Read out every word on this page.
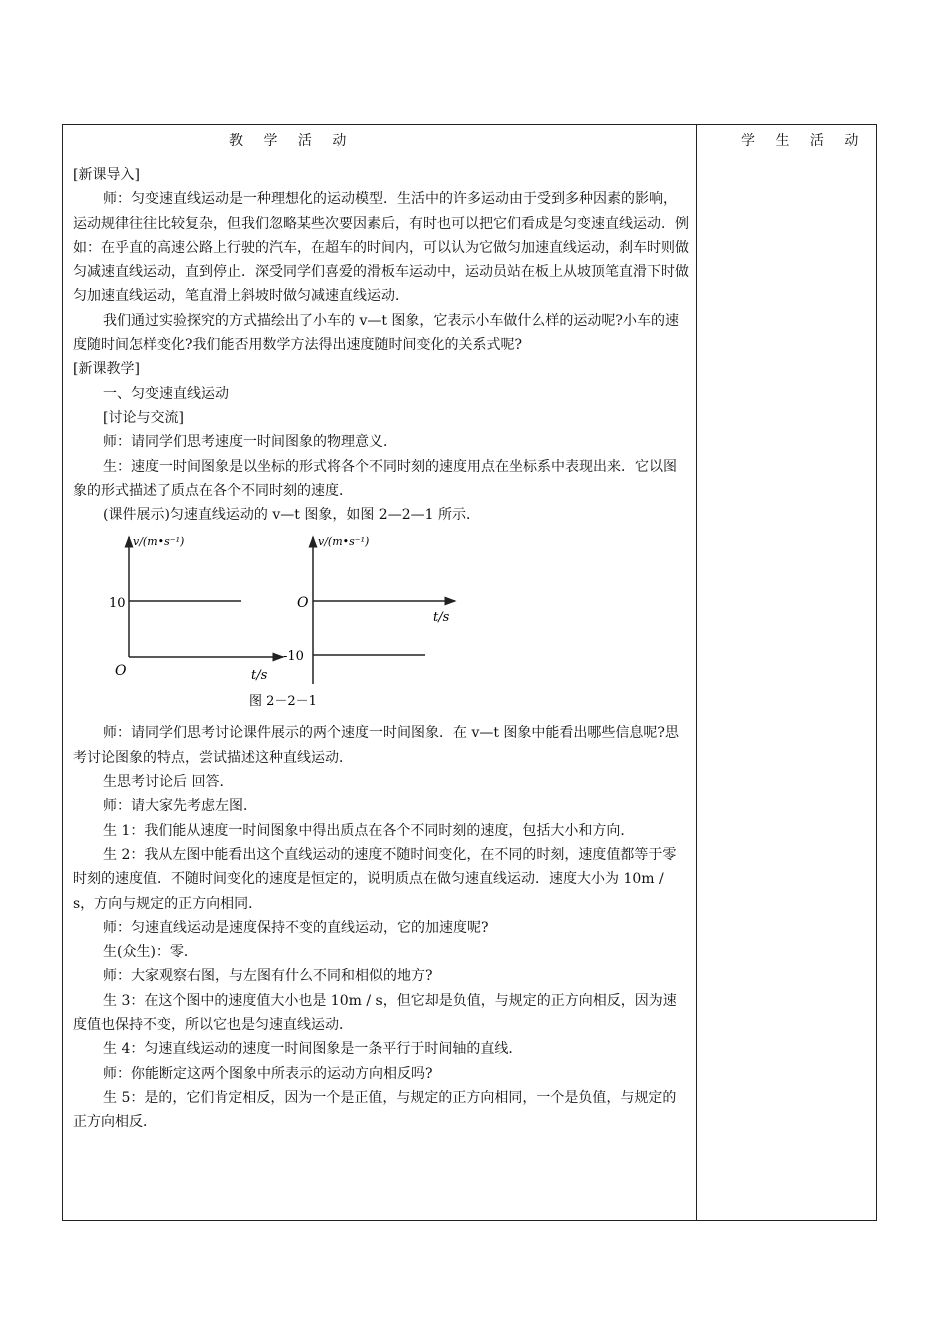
教 学 活 动	学 生 活 动
[新课导入]
师：匀变速直线运动是一种理想化的运动模型．生活中的许多运动由于受到多种因素的影响，运动规律往往比较复杂，但我们忽略某些次要因素后，有时也可以把它们看成是匀变速直线运动．例如：在乎直的高速公路上行驶的汽车，在超车的时间内，可以认为它做匀加速直线运动，刹车时则做匀减速直线运动，直到停止．深受同学们喜爱的滑板车运动中，运动员站在板上从坡顶笔直滑下时做匀加速直线运动，笔直滑上斜坡时做匀减速直线运动．
我们通过实验探究的方式描绘出了小车的 v—t 图象，它表示小车做什么样的运动呢?小车的速度随时间怎样变化?我们能否用数学方法得出速度随时间变化的关系式呢?
[新课教学]
一、匀变速直线运动
[讨论与交流]
师：请同学们思考速度一时间图象的物理意义．
生：速度一时间图象是以坐标的形式将各个不同时刻的速度用点在坐标系中表现出来．它以图象的形式描述了质点在各个不同时刻的速度．
(课件展示)匀速直线运动的 v—t 图象，如图 2—2—1 所示．
v/(m•s⁻¹)
10
O	t/s
v/(m•s⁻¹)
O
-10
t/s
图 2－2－1
师：请同学们思考讨论课件展示的两个速度一时间图象．在 v—t 图象中能看出哪些信息呢?思考讨论图象的特点，尝试描述这种直线运动．
生思考讨论后 回答．
师：请大家先考虑左图．
生 1：我们能从速度一时间图象中得出质点在各个不同时刻的速度，包括大小和方向．
生 2：我从左图中能看出这个直线运动的速度不随时间变化，在不同的时刻，速度值都等于零时刻的速度值．不随时间变化的速度是恒定的，说明质点在做匀速直线运动．速度大小为 10m / s，方向与规定的正方向相同．
师：匀速直线运动是速度保持不变的直线运动，它的加速度呢?
生(众生)：零．
师：大家观察右图，与左图有什么不同和相似的地方?
生 3：在这个图中的速度值大小也是 10m / s，但它却是负值，与规定的正方向相反，因为速度值也保持不变，所以它也是匀速直线运动．
生 4：匀速直线运动的速度一时间图象是一条平行于时间轴的直线．
师：你能断定这两个图象中所表示的运动方向相反吗?
生 5：是的，它们肯定相反，因为一个是正值，与规定的正方向相同，一个是负值，与规定的正方向相反．
